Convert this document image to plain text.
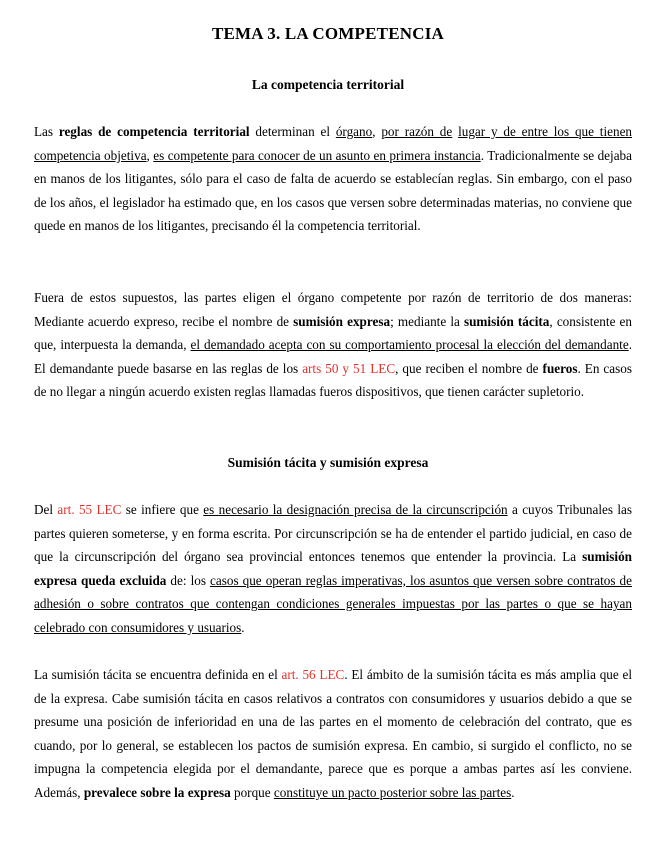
TEMA 3. LA COMPETENCIA
La competencia territorial

Las reglas de competencia territorial determinan el órgano, por razón de lugar y de entre los que tienen competencia objetiva, es competente para conocer de un asunto en primera instancia. Tradicionalmente se dejaba en manos de los litigantes, sólo para el caso de falta de acuerdo se establecían reglas. Sin embargo, con el paso de los años, el legislador ha estimado que, en los casos que versen sobre determinadas materias, no conviene que quede en manos de los litigantes, precisando él la competencia territorial.

Fuera de estos supuestos, las partes eligen el órgano competente por razón de territorio de dos maneras: Mediante acuerdo expreso, recibe el nombre de sumisión expresa; mediante la sumisión tácita, consistente en que, interpuesta la demanda, el demandado acepta con su comportamiento procesal la elección del demandante. El demandante puede basarse en las reglas de los arts 50 y 51 LEC, que reciben el nombre de fueros. En casos de no llegar a ningún acuerdo existen reglas llamadas fueros dispositivos, que tienen carácter supletorio.

Sumisión tácita y sumisión expresa

Del art. 55 LEC se infiere que es necesario la designación precisa de la circunscripción a cuyos Tribunales las partes quieren someterse, y en forma escrita. Por circunscripción se ha de entender el partido judicial, en caso de que la circunscripción del órgano sea provincial entonces tenemos que entender la provincia. La sumisión expresa queda excluida de: los casos que operan reglas imperativas, los asuntos que versen sobre contratos de adhesión o sobre contratos que contengan condiciones generales impuestas por las partes o que se hayan celebrado con consumidores y usuarios.

La sumisión tácita se encuentra definida en el art. 56 LEC. El ámbito de la sumisión tácita es más amplia que el de la expresa. Cabe sumisión tácita en casos relativos a contratos con consumidores y usuarios debido a que se presume una posición de inferioridad en una de las partes en el momento de celebración del contrato, que es cuando, por lo general, se establecen los pactos de sumisión expresa. En cambio, si surgido el conflicto, no se impugna la competencia elegida por el demandante, parece que es porque a ambas partes así les conviene. Además, prevalece sobre la expresa porque constituye un pacto posterior sobre las partes.
